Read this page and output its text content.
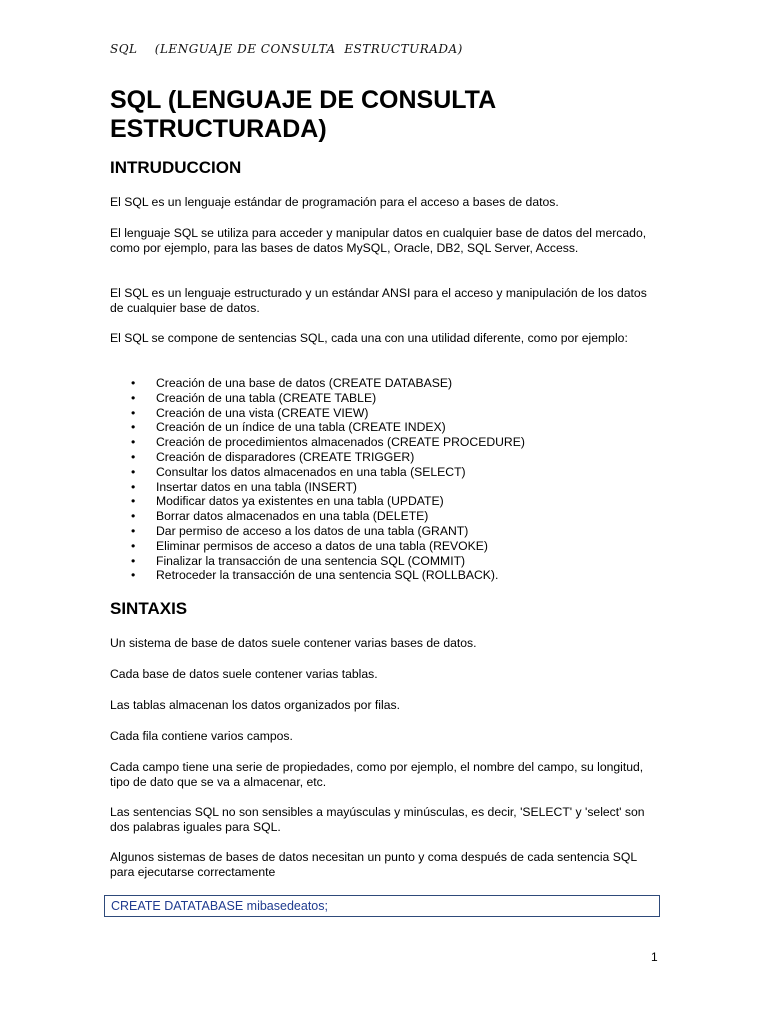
SQL    (LENGUAJE DE CONSULTA  ESTRUCTURADA)
SQL (LENGUAJE DE CONSULTA
ESTRUCTURADA)
INTRUDUCCION

El SQL es un lenguaje estándar de programación para el acceso a bases de datos.

El lenguaje SQL se utiliza para acceder y manipular datos en cualquier base de datos del mercado, como por ejemplo, para las bases de datos MySQL, Oracle, DB2, SQL Server, Access.

El SQL es un lenguaje estructurado y un estándar ANSI para el acceso y manipulación de los datos de cualquier base de datos.

El SQL se compone de sentencias SQL, cada una con una utilidad diferente, como por ejemplo:

• Creación de una base de datos (CREATE DATABASE)
• Creación de una tabla (CREATE TABLE)
• Creación de una vista (CREATE VIEW)
• Creación de un índice de una tabla (CREATE INDEX)
• Creación de procedimientos almacenados (CREATE PROCEDURE)
• Creación de disparadores (CREATE TRIGGER)
• Consultar los datos almacenados en una tabla (SELECT)
• Insertar datos en una tabla (INSERT)
• Modificar datos ya existentes en una tabla (UPDATE)
• Borrar datos almacenados en una tabla (DELETE)
• Dar permiso de acceso a los datos de una tabla (GRANT)
• Eliminar permisos de acceso a datos de una tabla (REVOKE)
• Finalizar la transacción de una sentencia SQL (COMMIT)
• Retroceder la transacción de una sentencia SQL (ROLLBACK).
SINTAXIS

Un sistema de base de datos suele contener varias bases de datos.

Cada base de datos suele contener varias tablas.

Las tablas almacenan los datos organizados por filas.

Cada fila contiene varios campos.

Cada campo tiene una serie de propiedades, como por ejemplo, el nombre del campo, su longitud, tipo de dato que se va a almacenar, etc.

Las sentencias SQL no son sensibles a mayúsculas y minúsculas, es decir, 'SELECT' y 'select' son dos palabras iguales para SQL.

Algunos sistemas de bases de datos necesitan un punto y coma después de cada sentencia SQL para ejecutarse correctamente

CREATE DATATABASE mibasedeatos;
1
